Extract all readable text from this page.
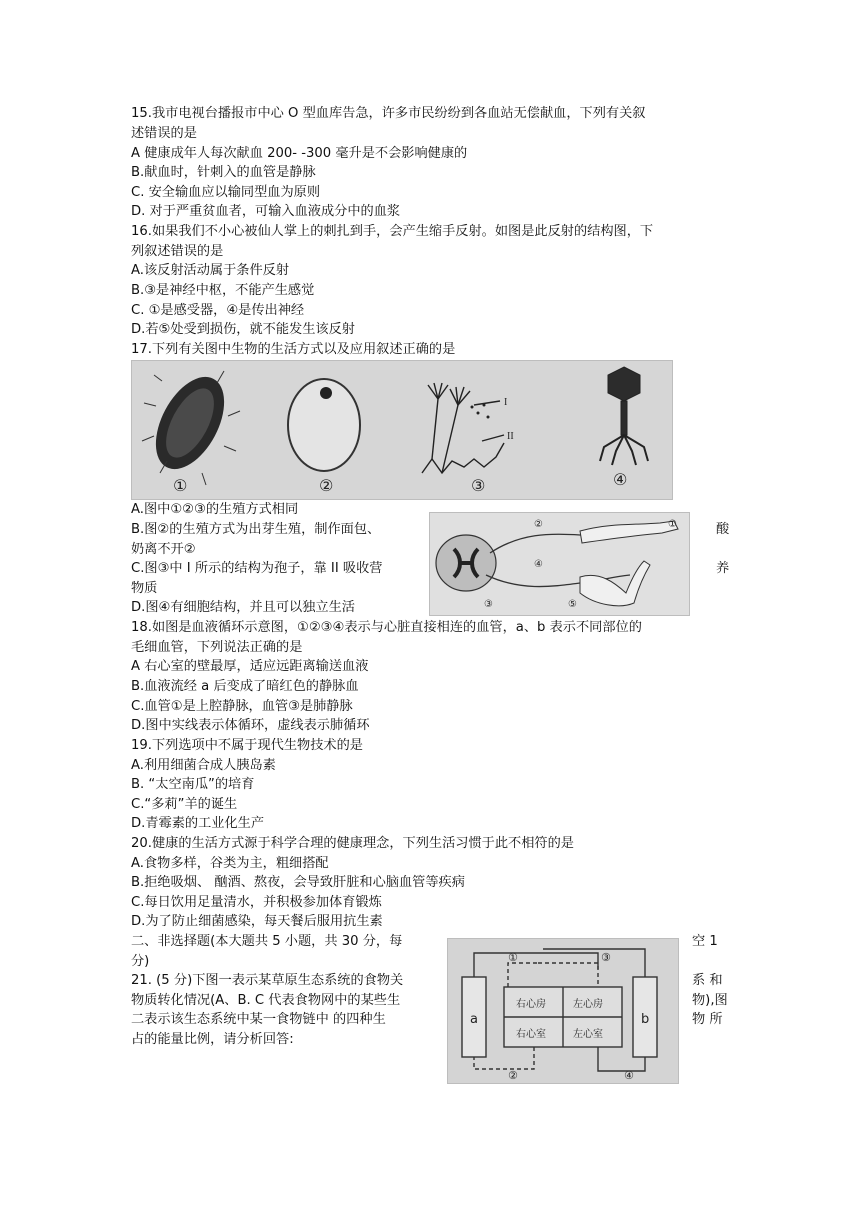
15.我市电视台播报市中心 O 型血库告急，许多市民纷纷到各血站无偿献血，下列有关叙
述错误的是
A 健康成年人每次献血 200- -300 毫升是不会影响健康的
B.献血时，针刺入的血管是静脉
C. 安全输血应以输同型血为原则
D. 对于严重贫血者，可输入血液成分中的血浆
16.如果我们不小心被仙人掌上的刺扎到手，会产生缩手反射。如图是此反射的结构图，下
列叙述错误的是
A.该反射活动属于条件反射
B.③是神经中枢，不能产生感觉
C. ①是感受器，④是传出神经
D.若⑤处受到损伤，就不能发生该反射
17.下列有关图中生物的生活方式以及应用叙述正确的是
I
II
①	②	③	④
A.图中①②③的生殖方式相同
B.图②的生殖方式为出芽生殖，制作面包、	酸
奶离不开②
C.图③中 I 所示的结构为孢子，靠 II 吸收营	养
物质
D.图④有细胞结构，并且可以独立生活
②	①
④
③	⑤
18.如图是血液循环示意图，①②③④表示与心脏直接相连的血管，a、b 表示不同部位的
毛细血管，下列说法正确的是
A 右心室的壁最厚，适应远距离输送血液
B.血液流经 a 后变成了暗红色的静脉血
C.血管①是上腔静脉，血管③是肺静脉
D.图中实线表示体循环，虚线表示肺循环
19.下列选项中不属于现代生物技术的是
A.利用细菌合成人胰岛素
B. “太空南瓜”的培育
C.“多莉”羊的诞生
D.青霉素的工业化生产
20.健康的生活方式源于科学合理的健康理念，下列生活习惯于此不相符的是
A.食物多样，谷类为主，粗细搭配
B.拒绝吸烟、 酗酒、熬夜，会导致肝脏和心脑血管等疾病
C.每日饮用足量清水，并积极参加体育锻炼
D.为了防止细菌感染，每天餐后服用抗生素
二、非选择题(本大题共 5 小题，共 30 分，每	空 1
分)
21. (5 分)下图一表示某草原生态系统的食物关	系 和
物质转化情况(A、B. C 代表食物网中的某些生	物),图
二表示该生态系统中某一食物链中 的四种生	物 所
占的能量比例，请分析回答:
右心房	左心房
右心室	左心室
a	b
①	③
②	④
